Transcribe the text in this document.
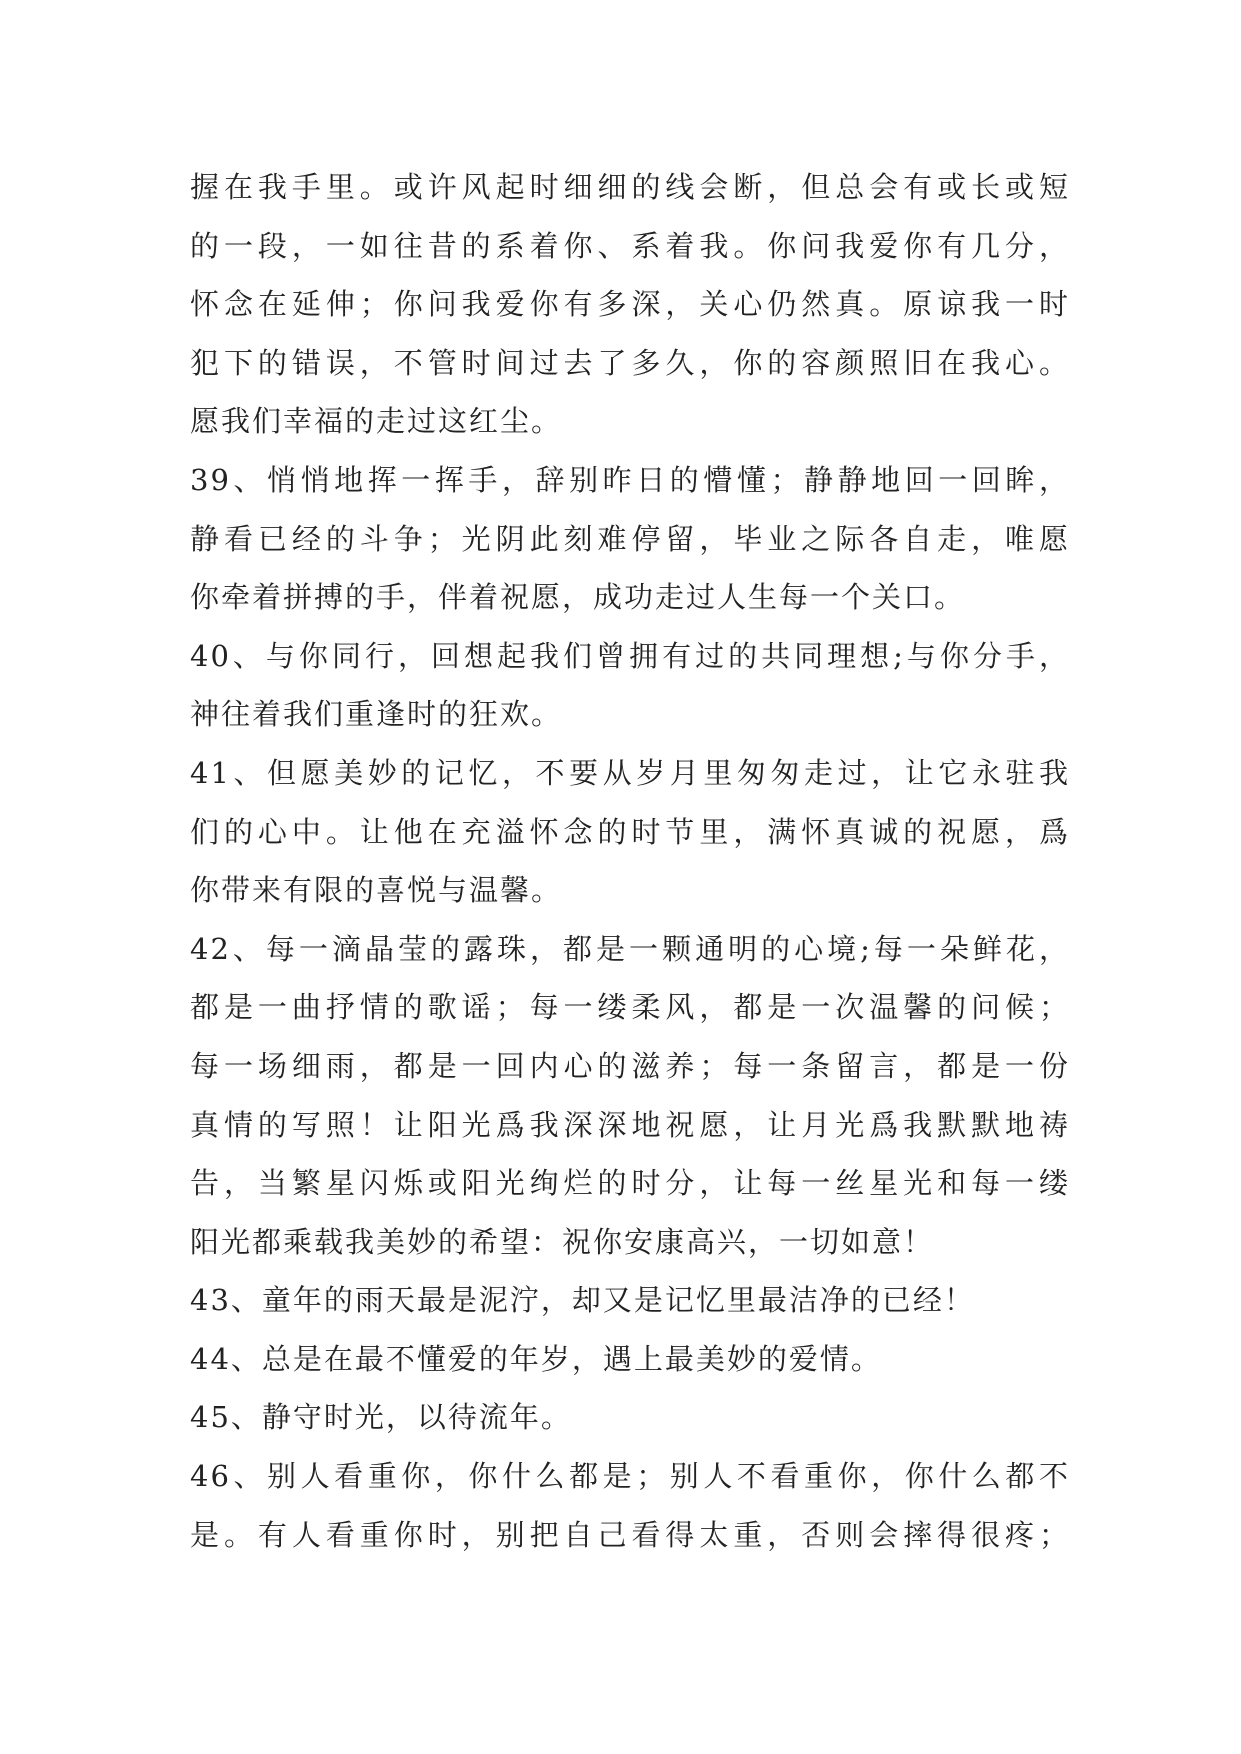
握在我手里。或许风起时细细的线会断，但总会有或长或短
的一段，一如往昔的系着你、系着我。你问我爱你有几分，
怀念在延伸；你问我爱你有多深，关心仍然真。原谅我一时
犯下的错误，不管时间过去了多久，你的容颜照旧在我心。
愿我们幸福的走过这红尘。
39、悄悄地挥一挥手，辞别昨日的懵懂；静静地回一回眸，
静看已经的斗争；光阴此刻难停留，毕业之际各自走，唯愿
你牵着拼搏的手，伴着祝愿，成功走过人生每一个关口。
40、与你同行，回想起我们曾拥有过的共同理想;与你分手，
神往着我们重逢时的狂欢。
41、但愿美妙的记忆，不要从岁月里匆匆走过，让它永驻我
们的心中。让他在充溢怀念的时节里，满怀真诚的祝愿，爲
你带来有限的喜悦与温馨。
42、每一滴晶莹的露珠，都是一颗通明的心境;每一朵鲜花，
都是一曲抒情的歌谣；每一缕柔风，都是一次温馨的问候；
每一场细雨，都是一回内心的滋养；每一条留言，都是一份
真情的写照！让阳光爲我深深地祝愿，让月光爲我默默地祷
告，当繁星闪烁或阳光绚烂的时分，让每一丝星光和每一缕
阳光都乘载我美妙的希望：祝你安康高兴，一切如意！
43、童年的雨天最是泥泞，却又是记忆里最洁净的已经！
44、总是在最不懂爱的年岁，遇上最美妙的爱情。
45、静守时光，以待流年。
46、别人看重你，你什么都是；别人不看重你，你什么都不
是。有人看重你时，别把自己看得太重，否则会摔得很疼；
